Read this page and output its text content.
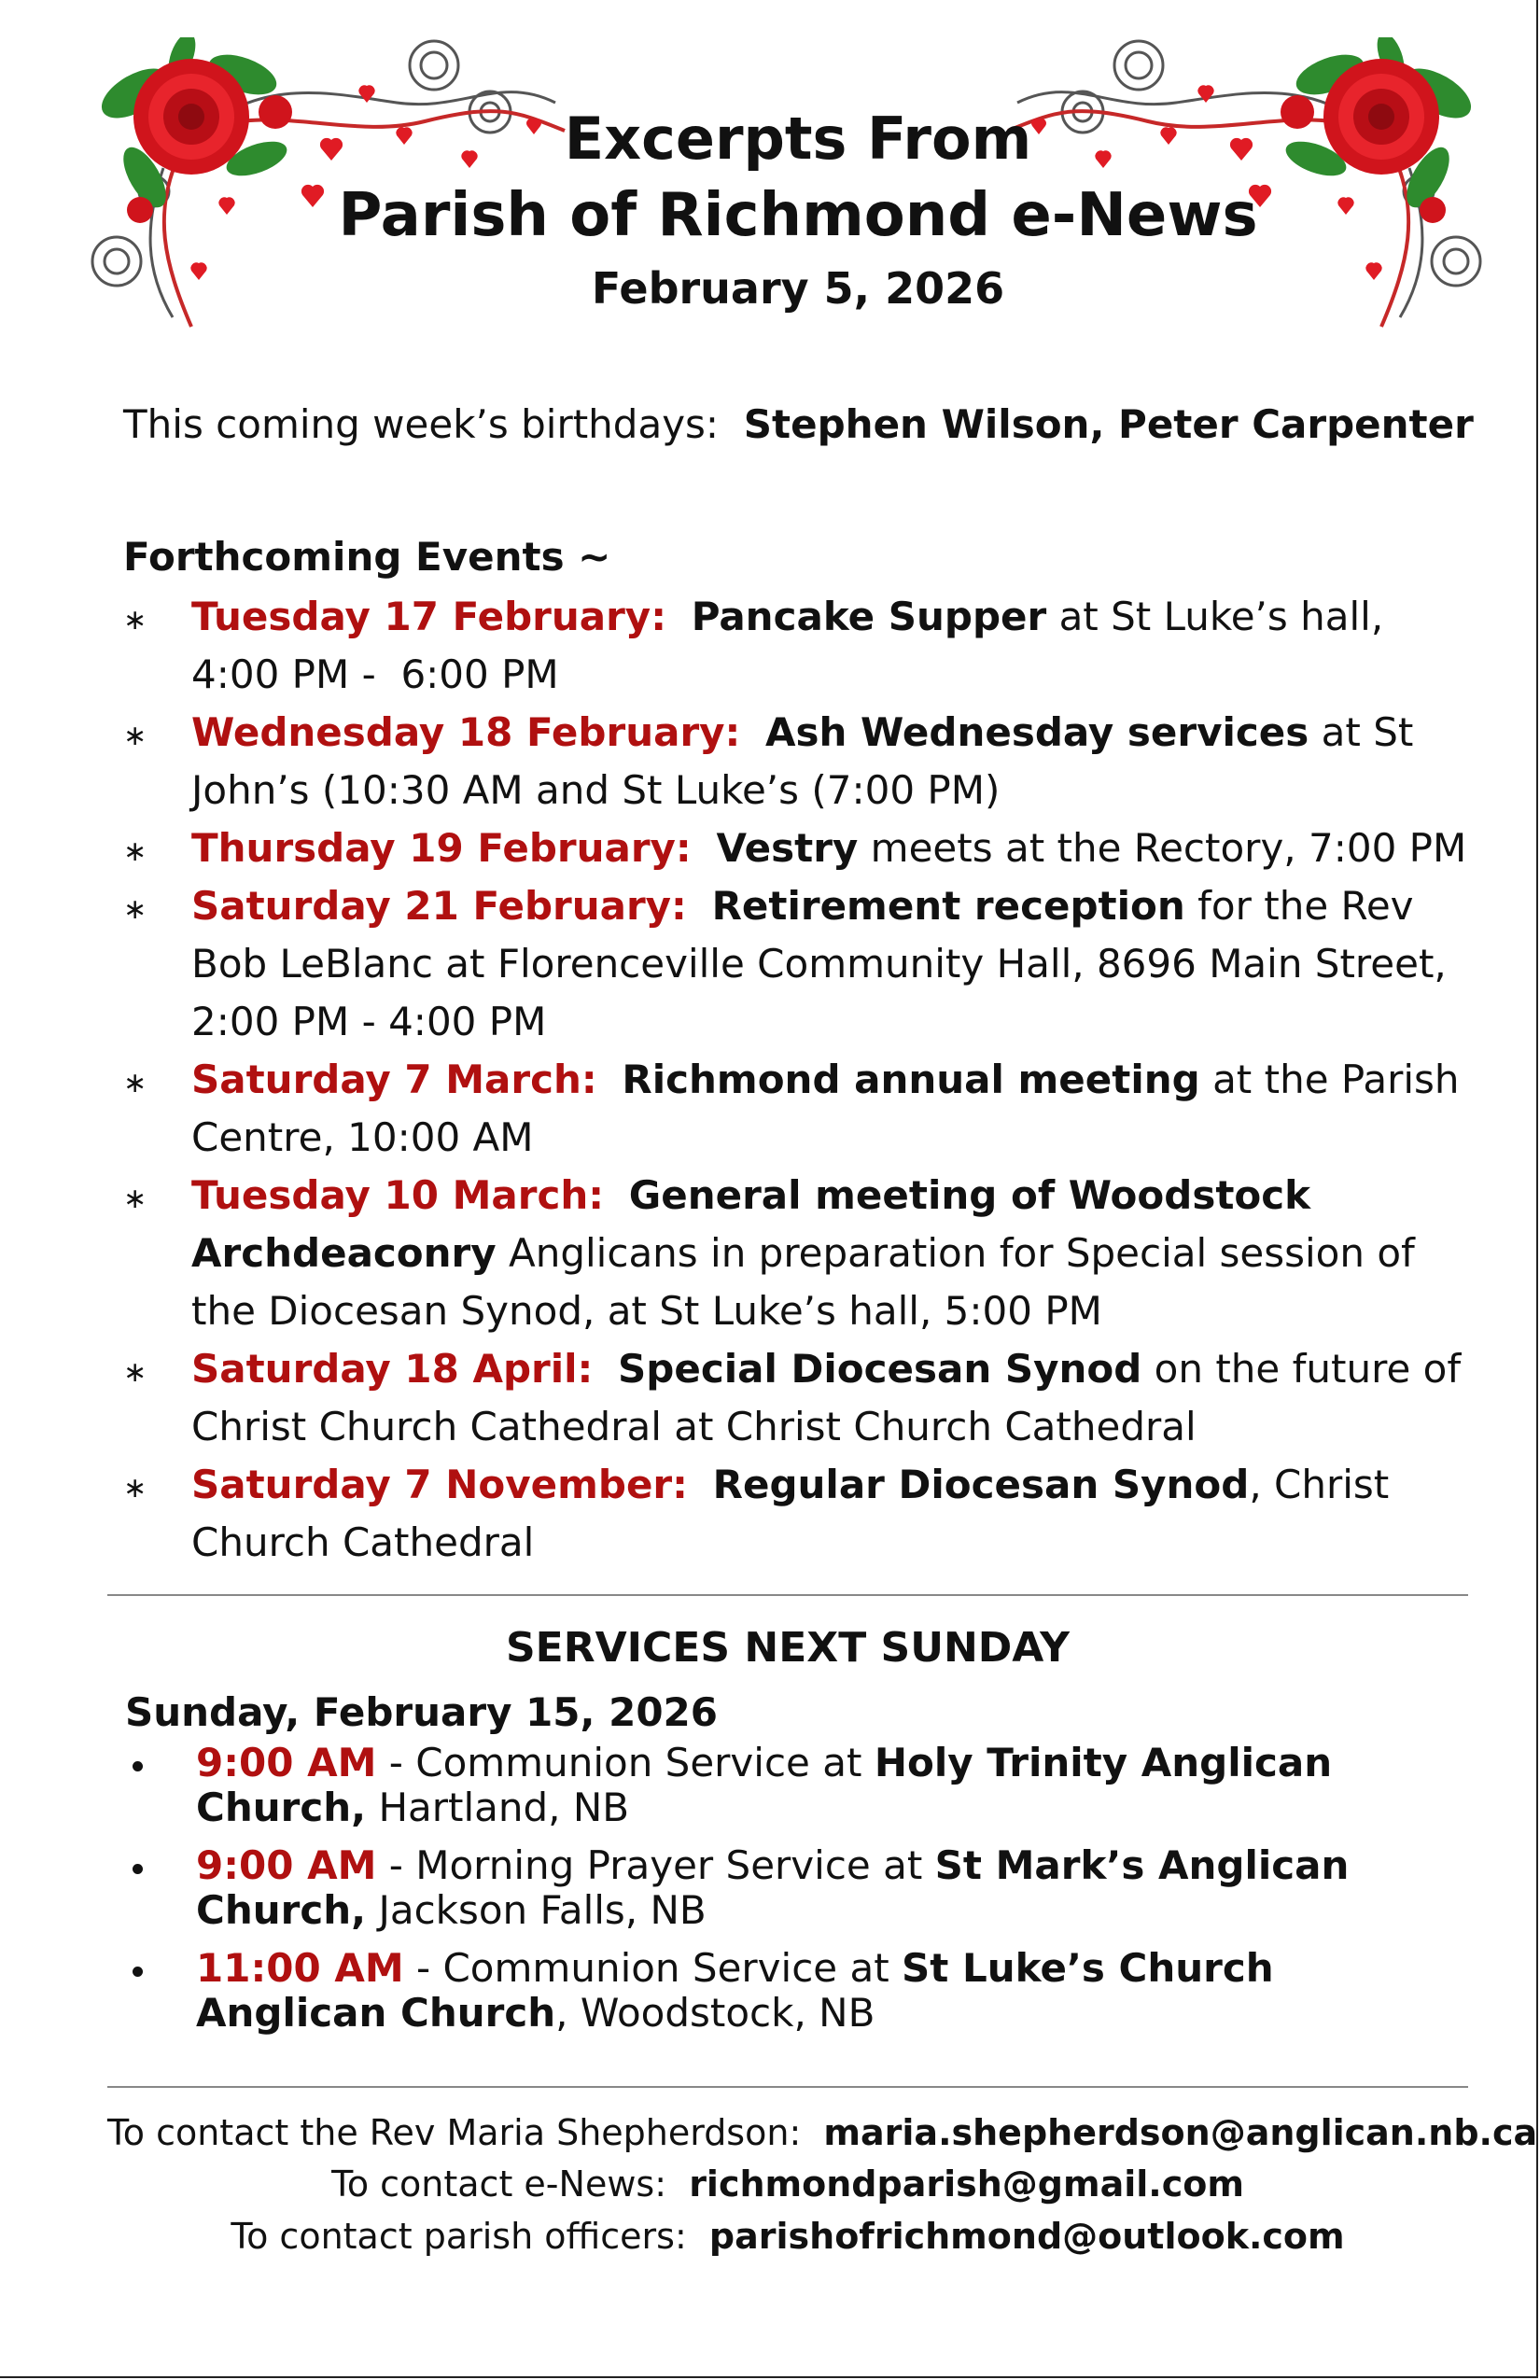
Excerpts From
Parish of Richmond e-News
February 5, 2026
This coming week’s birthdays: Stephen Wilson, Peter Carpenter
Forthcoming Events ~
∗ Tuesday 17 February: Pancake Supper at St Luke’s hall, 4:00 PM -  6:00 PM
∗ Wednesday 18 February: Ash Wednesday services at St John’s (10:30 AM and St Luke’s (7:00 PM)
∗ Thursday 19 February: Vestry meets at the Rectory, 7:00 PM
∗ Saturday 21 February: Retirement reception for the Rev Bob LeBlanc at Florenceville Community Hall, 8696 Main Street, 2:00 PM - 4:00 PM
∗ Saturday 7 March: Richmond annual meeting at the Parish Centre, 10:00 AM
∗ Tuesday 10 March: General meeting of Woodstock Archdeaconry Anglicans in preparation for Special session of the Diocesan Synod, at St Luke’s hall, 5:00 PM
∗ Saturday 18 April: Special Diocesan Synod on the future of Christ Church Cathedral at Christ Church Cathedral
∗ Saturday 7 November: Regular Diocesan Synod, Christ Church Cathedral
SERVICES NEXT SUNDAY
Sunday, February 15, 2026
9:00 AM - Communion Service at Holy Trinity Anglican Church, Hartland, NB
9:00 AM - Morning Prayer Service at St Mark’s Anglican Church, Jackson Falls, NB
11:00 AM - Communion Service at St Luke’s Church Anglican Church, Woodstock, NB
To contact the Rev Maria Shepherdson: maria.shepherdson@anglican.nb.ca
To contact e-News: richmondparish@gmail.com
To contact parish officers: parishofrichmond@outlook.com
